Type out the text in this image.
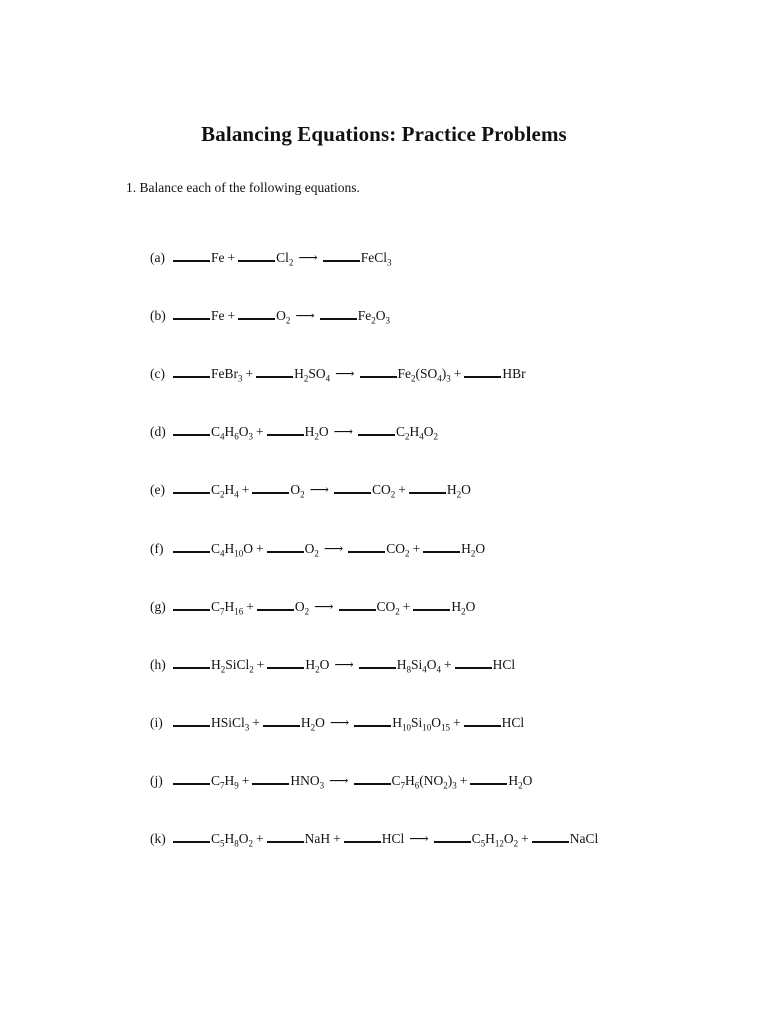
Balancing Equations: Practice Problems
1. Balance each of the following equations.
(a)	Fe +	$Cl_2$ ⟶	FeCl$_3$
(b)	Fe +	$O_2$ ⟶	$Fe_2O_3$
(c)	FeBr$_3$ +	$H_2SO_4$ ⟶	$Fe_2(SO_4)_3$ +	HBr
(d)	$C_4H_6O_3$ +	$H_2O$ ⟶	$C_2H_4O_2$
(e)	$C_2H_4$ +	$O_2$ ⟶	$CO_2$ +	$H_2O$
(f)	$C_4H_{10}O$ +	$O_2$ ⟶	$CO_2$ +	$H_2O$
(g)	$C_7H_{16}$ +	$O_2$ ⟶	$CO_2$ +	$H_2O$
(h)	$H_2SiCl_2$ +	$H_2O$ ⟶	$H_8Si_4O_4$ +	HCl
(i)	HSiCl$_3$ +	$H_2O$ ⟶	$H_{10}Si_{10}O_{15}$ +	HCl
(j)	$C_7H_9$ +	$HNO_3$ ⟶	$C_7H_6(NO_2)_3$ +	$H_2O$
(k)	$C_5H_8O_2$ +	NaH +	HCl ⟶	$C_5H_{12}O_2$ +	NaCl
